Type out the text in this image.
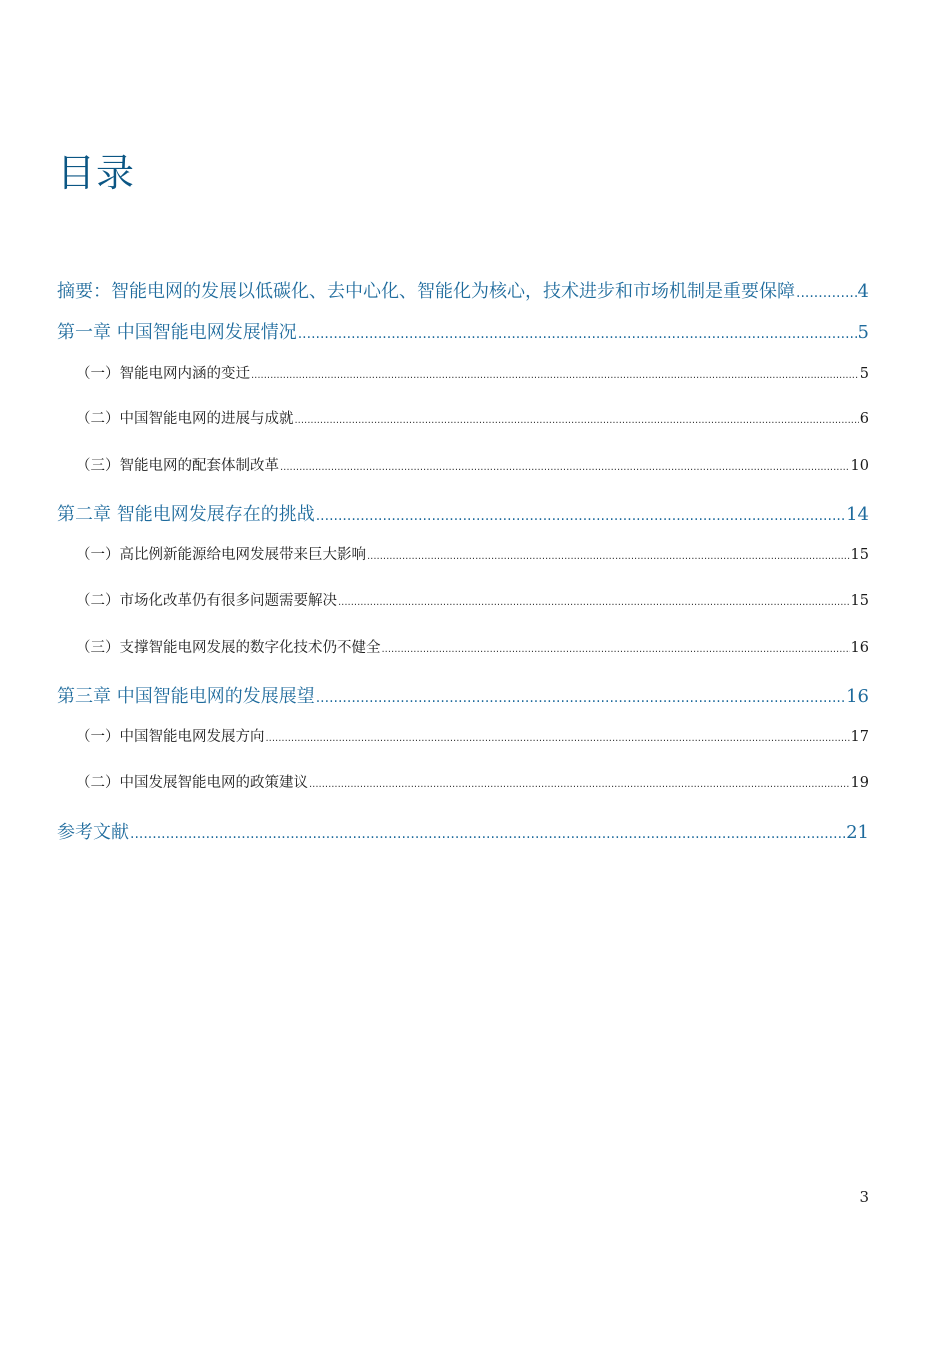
目录
摘要：智能电网的发展以低碳化、去中心化、智能化为核心，技术进步和市场机制是重要保障 .....	4
第一章 中国智能电网发展情况 .....	5
（一）智能电网内涵的变迁 .....	5
（二）中国智能电网的进展与成就 .....	6
（三）智能电网的配套体制改革 .....	10
第二章 智能电网发展存在的挑战 .....	14
（一）高比例新能源给电网发展带来巨大影响 .....	15
（二）市场化改革仍有很多问题需要解决 .....	15
（三）支撑智能电网发展的数字化技术仍不健全 .....	16
第三章 中国智能电网的发展展望 .....	16
（一）中国智能电网发展方向 .....	17
（二）中国发展智能电网的政策建议 .....	19
参考文献 .....	21
3
